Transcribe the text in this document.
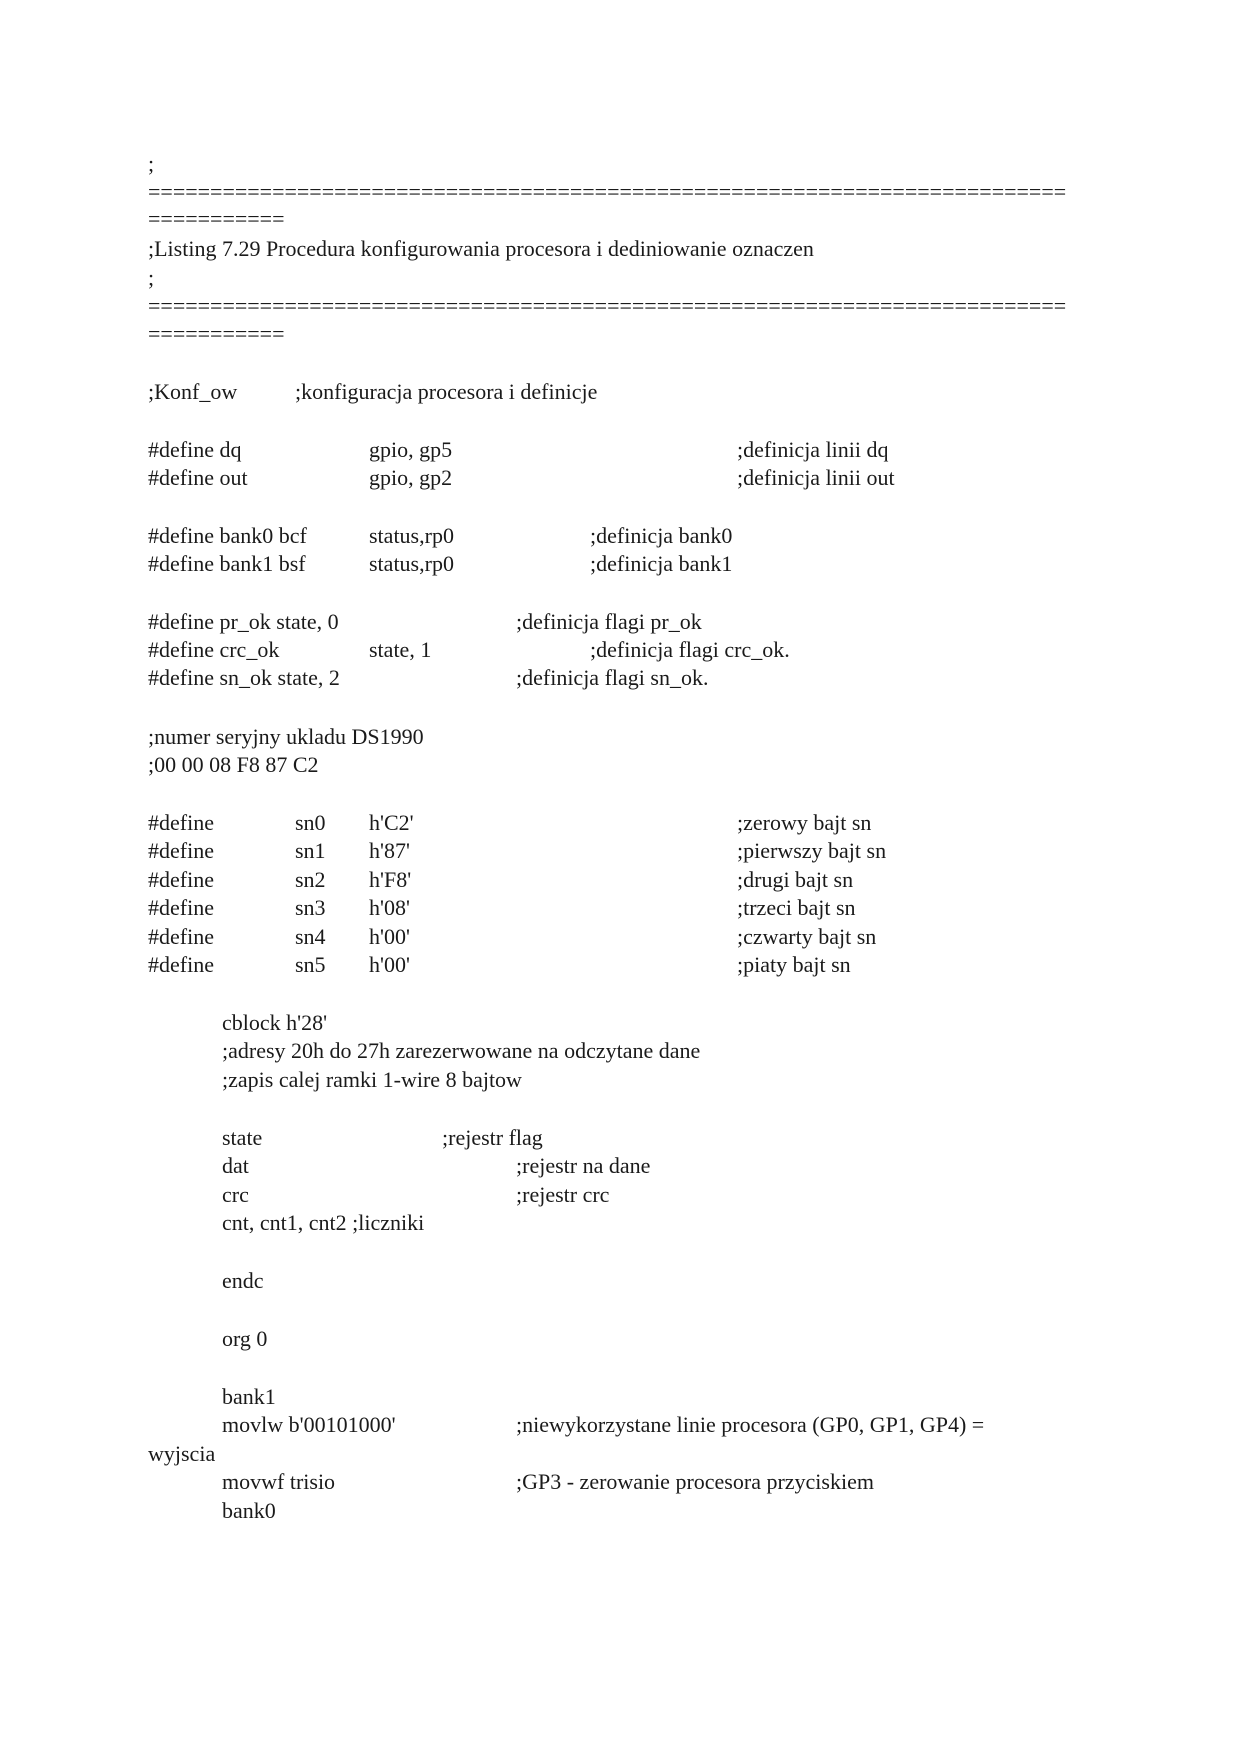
;
==========================================================================
===========
;Listing 7.29 Procedura konfigurowania procesora i dediniowanie oznaczen
;
==========================================================================
===========
;Konf_ow	;konfiguracja procesora i definicje
#define dq	gpio, gp5	;definicja linii dq
#define out	gpio, gp2	;definicja linii out
#define bank0 bcf	status,rp0	;definicja bank0
#define bank1 bsf	status,rp0	;definicja bank1
#define pr_ok state, 0	;definicja flagi pr_ok
#define crc_ok	state, 1	;definicja flagi crc_ok.
#define sn_ok state, 2	;definicja flagi sn_ok.
;numer seryjny ukladu DS1990
;00 00 08 F8 87 C2
#define	sn0 h'C2'	;zerowy bajt sn
#define	sn1 h'87'	;pierwszy bajt sn
#define	sn2 h'F8'	;drugi bajt sn
#define	sn3 h'08'	;trzeci bajt sn
#define	sn4 h'00'	;czwarty bajt sn
#define	sn5 h'00'	;piaty bajt sn
cblock h'28'
;adresy 20h do 27h zarezerwowane na odczytane dane
;zapis calej ramki 1-wire 8 bajtow
state	;rejestr flag
dat	;rejestr na dane
crc	;rejestr crc
cnt, cnt1, cnt2 ;liczniki
endc
org 0
bank1
movlw b'00101000'	;niewykorzystane linie procesora (GP0, GP1, GP4) =
wyjscia
movwf trisio	;GP3 - zerowanie procesora przyciskiem
bank0
